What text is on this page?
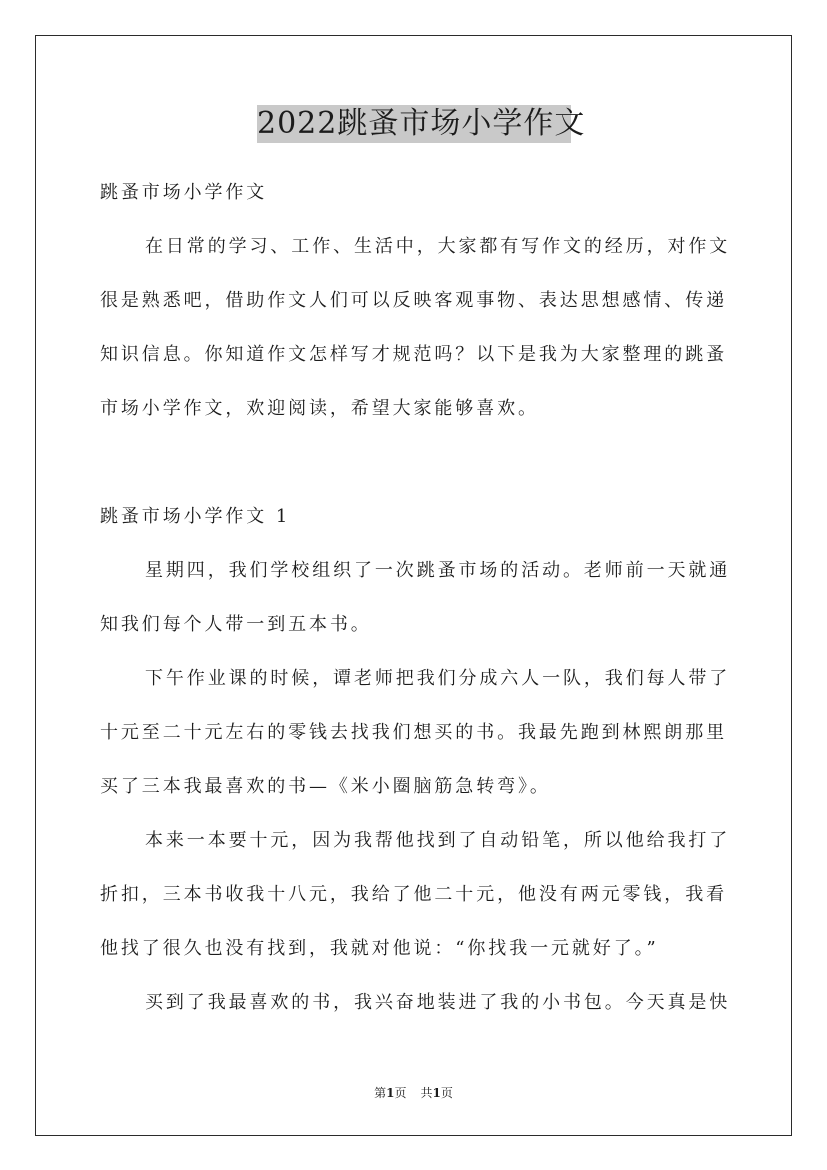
2022跳蚤市场小学作文
跳蚤市场小学作文
在日常的学习、工作、生活中，大家都有写作文的经历，对作文
很是熟悉吧，借助作文人们可以反映客观事物、表达思想感情、传递
知识信息。你知道作文怎样写才规范吗？以下是我为大家整理的跳蚤
市场小学作文，欢迎阅读，希望大家能够喜欢。
跳蚤市场小学作文 1
星期四，我们学校组织了一次跳蚤市场的活动。老师前一天就通
知我们每个人带一到五本书。
下午作业课的时候，谭老师把我们分成六人一队，我们每人带了
十元至二十元左右的零钱去找我们想买的书。我最先跑到林熙朗那里
买了三本我最喜欢的书—《米小圈脑筋急转弯》。
本来一本要十元，因为我帮他找到了自动铅笔，所以他给我打了
折扣，三本书收我十八元，我给了他二十元，他没有两元零钱，我看
他找了很久也没有找到，我就对他说：“你找我一元就好了。”
买到了我最喜欢的书，我兴奋地装进了我的小书包。今天真是快
第1页 共1页
